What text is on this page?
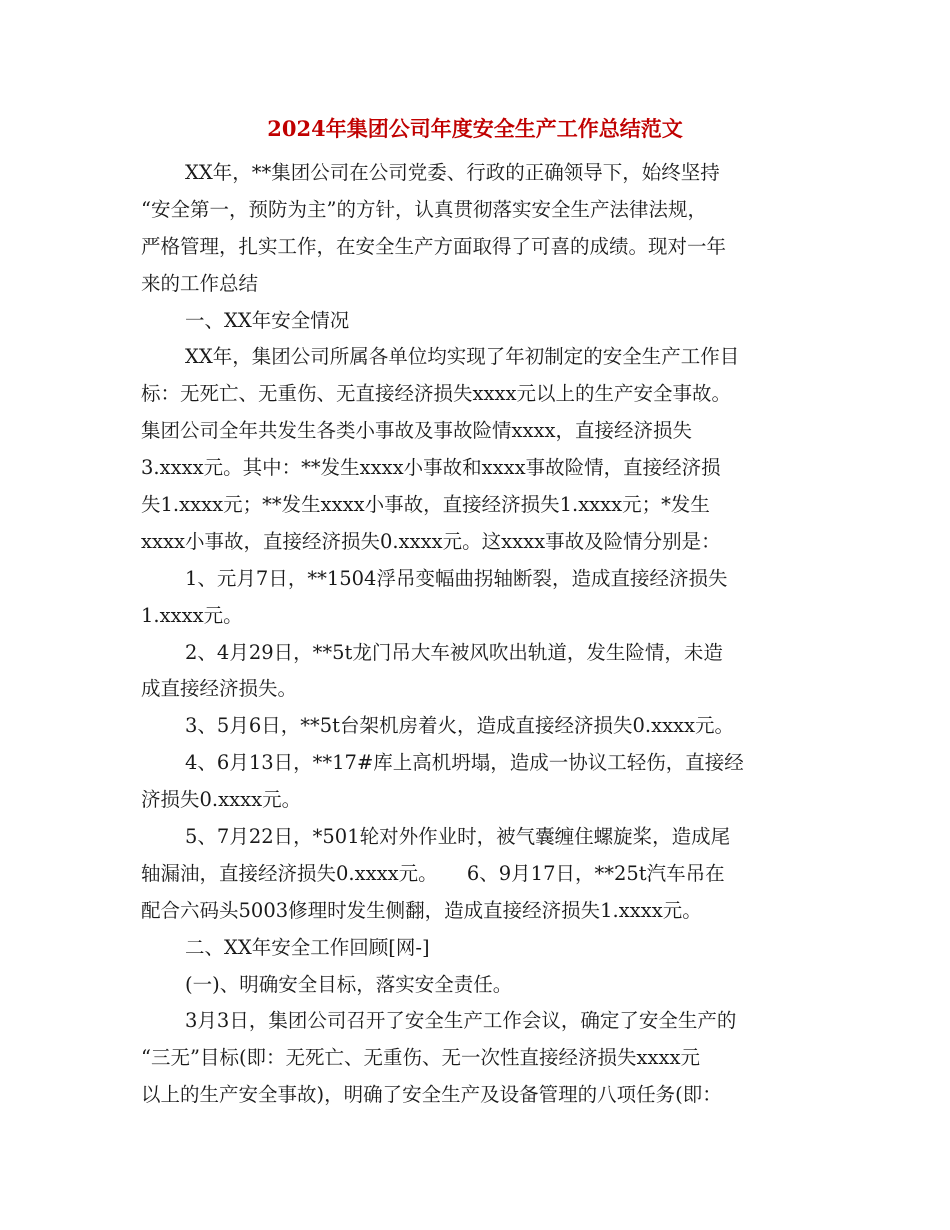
2024年集团公司年度安全生产工作总结范文
XX年，**集团公司在公司党委、行政的正确领导下，始终坚持
“安全第一，预防为主”的方针，认真贯彻落实安全生产法律法规，
严格管理，扎实工作，在安全生产方面取得了可喜的成绩。现对一年
来的工作总结
一、XX年安全情况
XX年，集团公司所属各单位均实现了年初制定的安全生产工作目
标：无死亡、无重伤、无直接经济损失xxxx元以上的生产安全事故。
集团公司全年共发生各类小事故及事故险情xxxx，直接经济损失
3.xxxx元。其中：**发生xxxx小事故和xxxx事故险情，直接经济损
失1.xxxx元；**发生xxxx小事故，直接经济损失1.xxxx元；*发生
xxxx小事故，直接经济损失0.xxxx元。这xxxx事故及险情分别是：
1、元月7日，**1504浮吊变幅曲拐轴断裂，造成直接经济损失
1.xxxx元。
2、4月29日，**5t龙门吊大车被风吹出轨道，发生险情，未造
成直接经济损失。
3、5月6日，**5t台架机房着火，造成直接经济损失0.xxxx元。
4、6月13日，**17#库上高机坍塌，造成一协议工轻伤，直接经
济损失0.xxxx元。
5、7月22日，*501轮对外作业时，被气囊缠住螺旋桨，造成尾
轴漏油，直接经济损失0.xxxx元。　　6、9月17日，**25t汽车吊在
配合六码头5003修理时发生侧翻，造成直接经济损失1.xxxx元。
二、XX年安全工作回顾[网-]
(一)、明确安全目标，落实安全责任。
3月3日，集团公司召开了安全生产工作会议，确定了安全生产的
“三无”目标(即：无死亡、无重伤、无一次性直接经济损失xxxx元
以上的生产安全事故)，明确了安全生产及设备管理的八项任务(即：
